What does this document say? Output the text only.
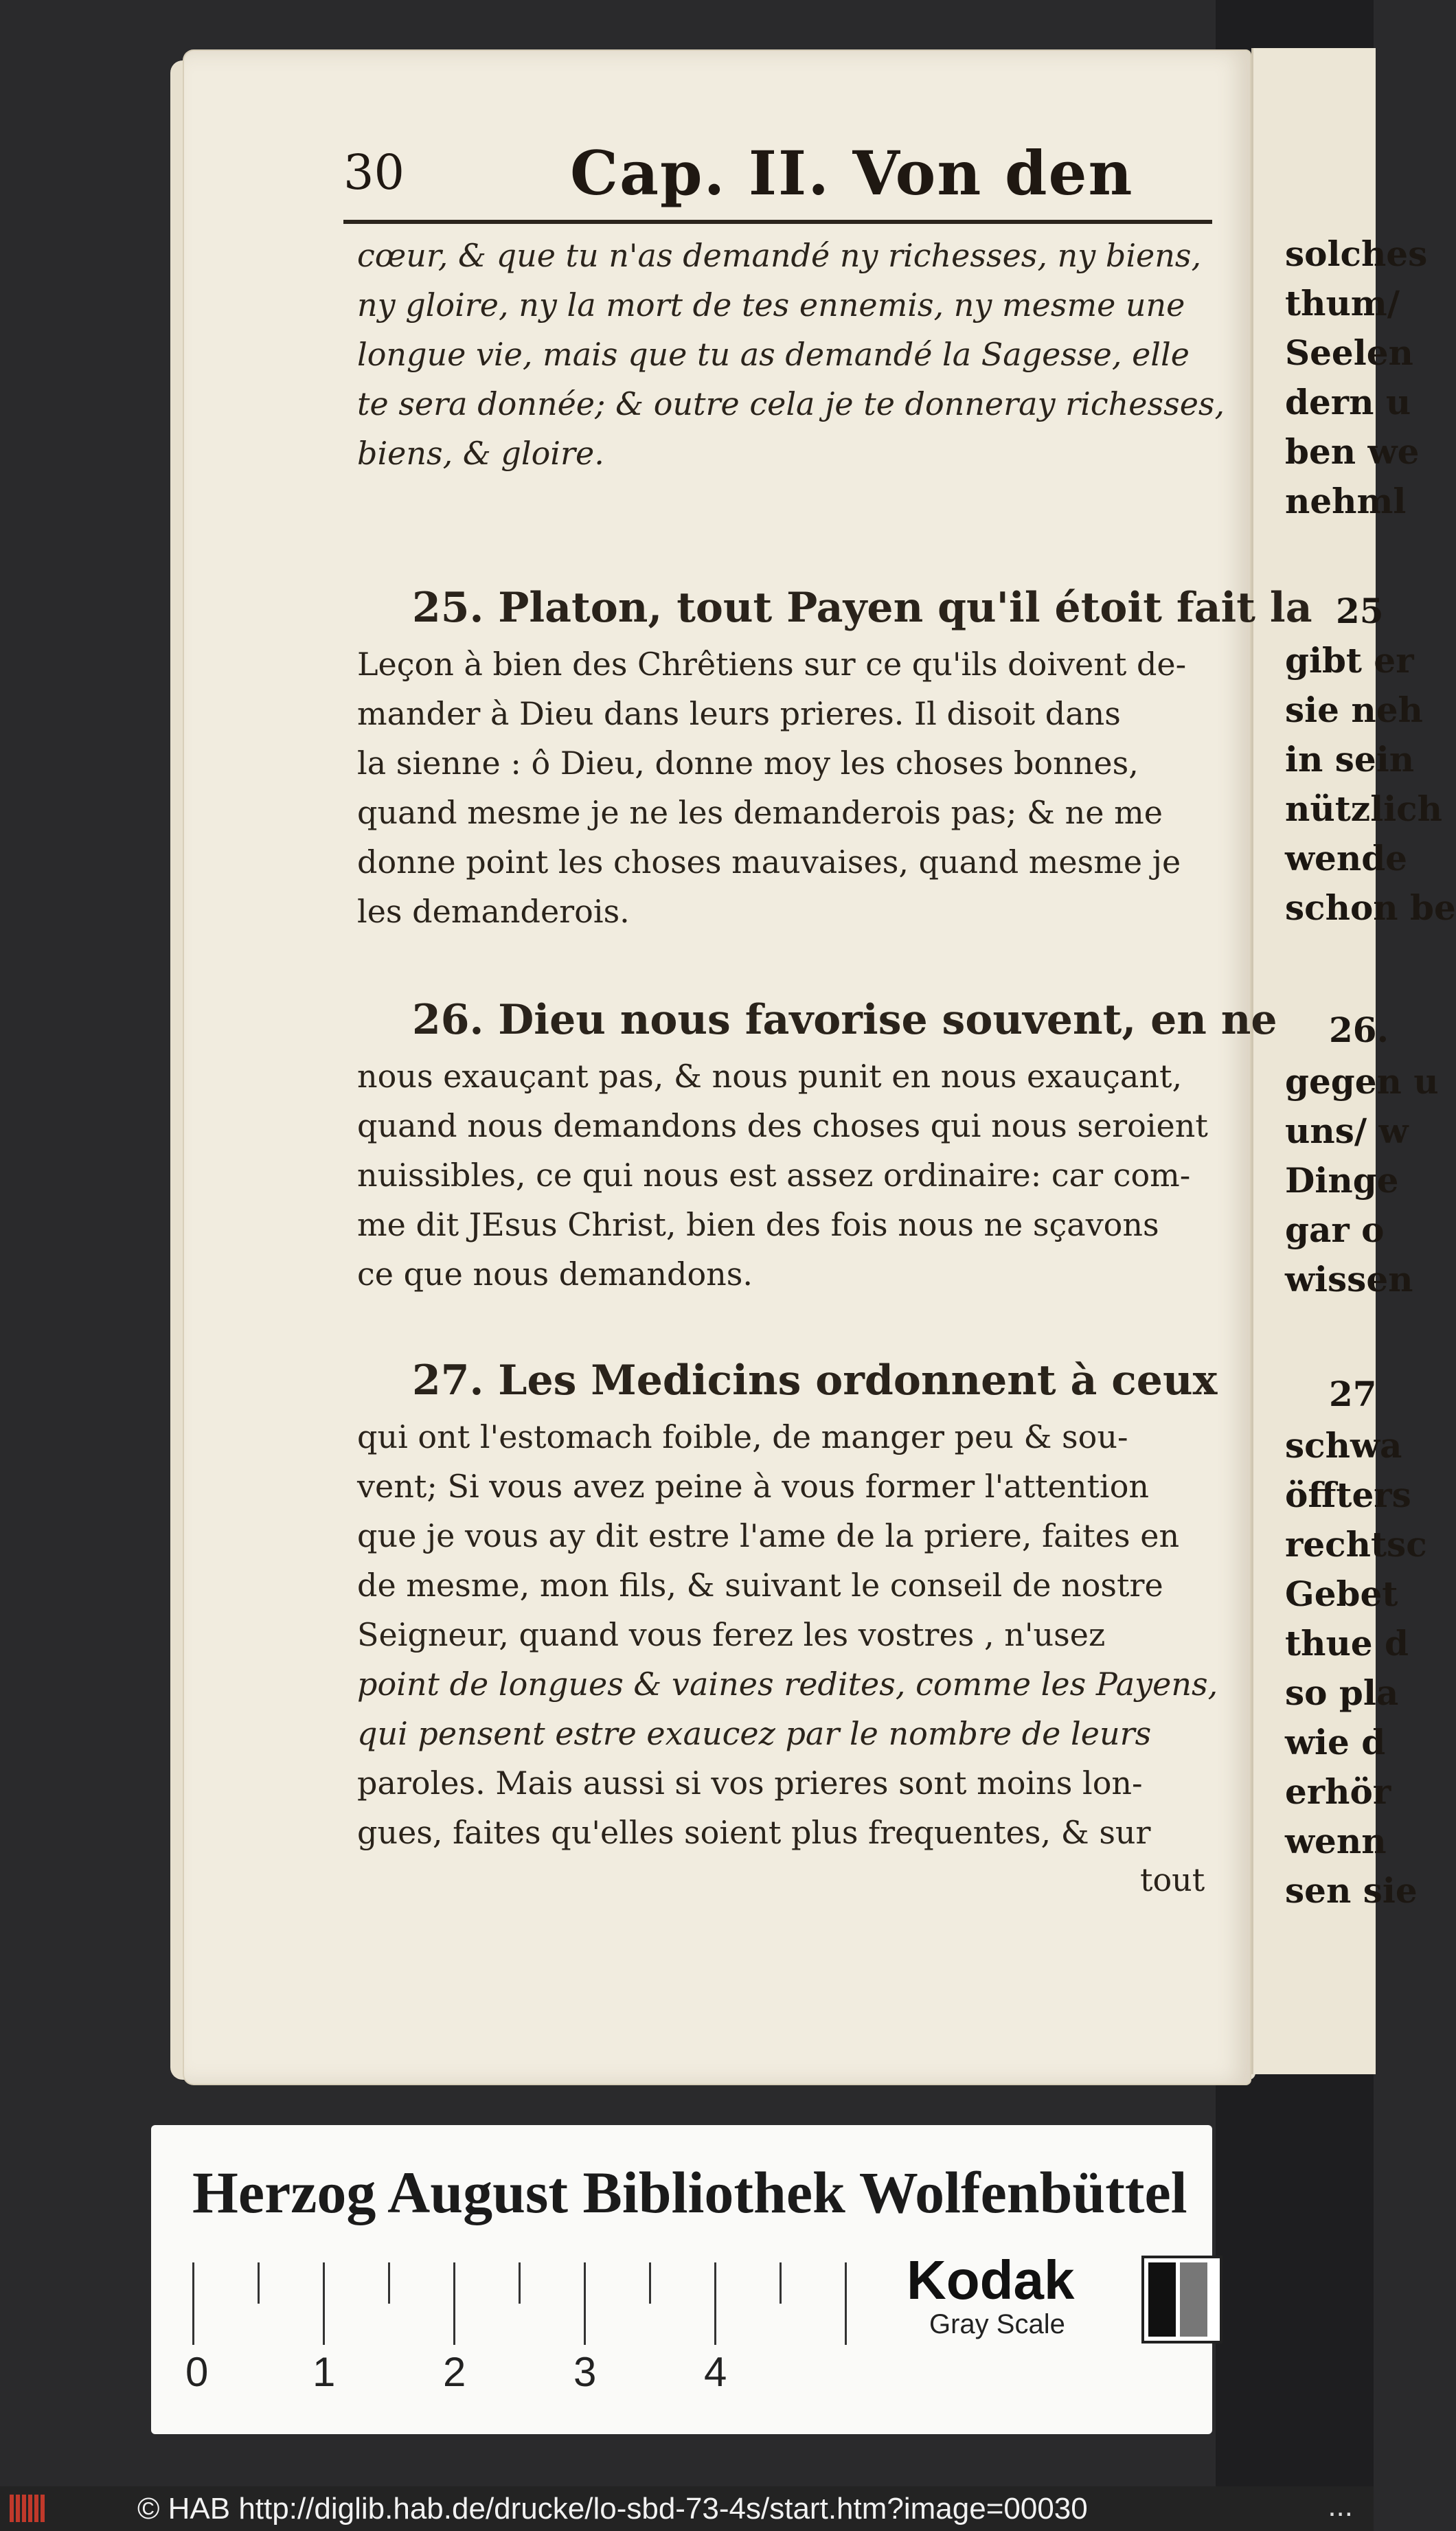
solches
thum/
Seelen
dern u
ben we
nehml
25
gibt er
sie neh
in sein
nützlich
wende
schon be
26.
gegen u
uns/ w
Dinge
gar o
wissen
27
schwa
öffters
rechtsc
Gebet
thue d
so pla
wie d
erhör
wenn
sen sie
30	Cap. II. Von den
cœur, & que tu n'as demandé ny richesses, ny biens,
ny gloire, ny la mort de tes ennemis, ny mesme une
longue vie, mais que tu as demandé la Sagesse, elle
te sera donnée; & outre cela je te donneray richesses,
biens, & gloire.
25. Platon, tout Payen qu'il étoit fait la
Leçon à bien des Chrêtiens sur ce qu'ils doivent de-
mander à Dieu dans leurs prieres. Il disoit dans
la sienne : ô Dieu, donne moy les choses bonnes,
quand mesme je ne les demanderois pas; & ne me
donne point les choses mauvaises, quand mesme je
les demanderois.
26. Dieu nous favorise souvent, en ne
nous exauçant pas, & nous punit en nous exauçant,
quand nous demandons des choses qui nous seroient
nuissibles, ce qui nous est assez ordinaire: car com-
me dit JEsus Christ, bien des fois nous ne sçavons
ce que nous demandons.
27. Les Medicins ordonnent à ceux
qui ont l'estomach foible, de manger peu & sou-
vent; Si vous avez peine à vous former l'attention
que je vous ay dit estre l'ame de la priere, faites en
de mesme, mon fils, & suivant le conseil de nostre
Seigneur, quand vous ferez les vostres , n'usez
point de longues & vaines redites, comme les Payens,
qui pensent estre exaucez par le nombre de leurs
paroles. Mais aussi si vos prieres sont moins lon-
gues, faites qu'elles soient plus frequentes, & sur
tout
Herzog August Bibliothek Wolfenbüttel
0	1	2	3	4
Kodak
Gray Scale
© HAB http://diglib.hab.de/drucke/lo-sbd-73-4s/start.htm?image=00030	...
